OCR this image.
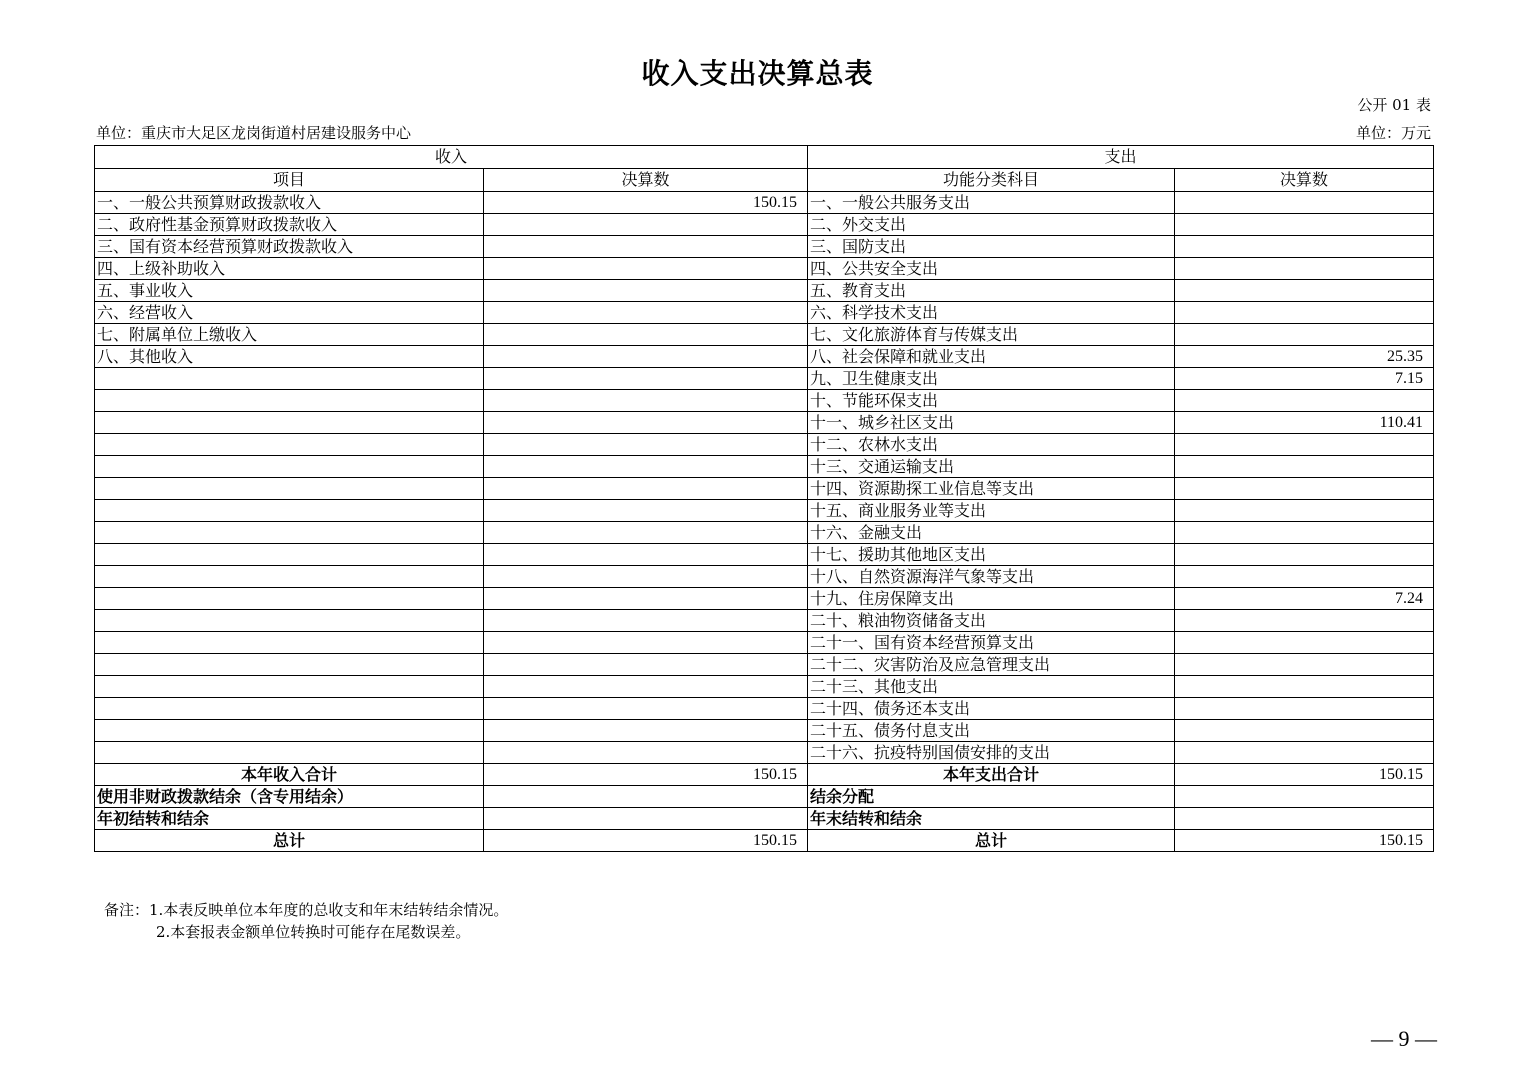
收入支出决算总表
公开 01 表
单位：重庆市大足区龙岗街道村居建设服务中心	单位：万元
收入		支出	
项目	决算数	功能分类科目	决算数
一、一般公共预算财政拨款收入	150.15	一、一般公共服务支出	
二、政府性基金预算财政拨款收入		二、外交支出	
三、国有资本经营预算财政拨款收入		三、国防支出	
四、上级补助收入		四、公共安全支出	
五、事业收入		五、教育支出	
六、经营收入		六、科学技术支出	
七、附属单位上缴收入		七、文化旅游体育与传媒支出	
八、其他收入		八、社会保障和就业支出	25.35
		九、卫生健康支出	7.15
		十、节能环保支出	
		十一、城乡社区支出	110.41
		十二、农林水支出	
		十三、交通运输支出	
		十四、资源勘探工业信息等支出	
		十五、商业服务业等支出	
		十六、金融支出	
		十七、援助其他地区支出	
		十八、自然资源海洋气象等支出	
		十九、住房保障支出	7.24
		二十、粮油物资储备支出	
		二十一、国有资本经营预算支出	
		二十二、灾害防治及应急管理支出	
		二十三、其他支出	
		二十四、债务还本支出	
		二十五、债务付息支出	
		二十六、抗疫特别国债安排的支出	
本年收入合计	150.15	本年支出合计	150.15
使用非财政拨款结余（含专用结余）		结余分配	
年初结转和结余		年末结转和结余	
总计	150.15	总计	150.15
备注：1.本表反映单位本年度的总收支和年末结转结余情况。
2.本套报表金额单位转换时可能存在尾数误差。
— 9 —
